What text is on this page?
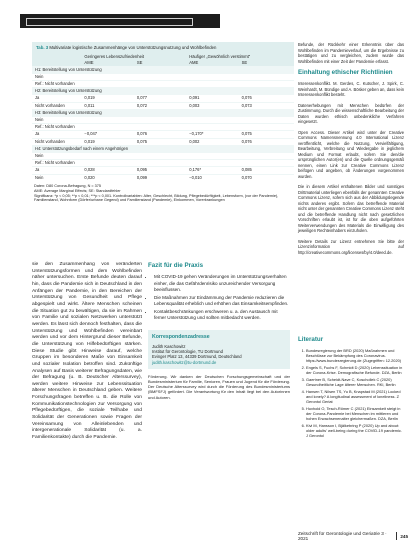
Tab. 3 Multivariate logistische Zusammenhänge von Unterstützungsnutzung und Wohlbefinden
Geringeres Lebenszufriedenheit	Häufiger „Gewöhnlich verstimmt“
AME	SE	AME	SE
H1: Bereitstellung von Unterstützung
Nein
Ref.: Nicht vorhanden
H2: Bereitstellung von Unterstützung
Ja	0,019	0,077	0,091	0,076
Nicht vorhanden	0,011	0,072	0,003	0,073
H3: Bereitstellung von Unterstützung
Nein
Ref.: Nicht vorhanden
Ja	−0,047	0,076	−0,170*	0,075
Nicht vorhanden	0,019	0,075	0,002	0,076
H4: Unterstützungsbedarf nach einem Angehörigen
Nein
Ref.: Nicht vorhanden
Ja	0,028	0,095	0,176*	0,085
Nein	0,020	0,099	−0,010	0,070
Daten: D80 Corona-Befragung, N = 375
AME: Average Marginal Effects; SE: Standardfehler
Signifikanz: *p < 0,05; **p < 0,01; ***p < 0,001. Kontrollvariablen: Alter, Geschlecht, Bildung, Pflegebedürftigkeit, Lebensform, (vor der Pandemie), Familienstand, Wohnform (Dörfer/urbane Gegend) und Familienstand (Pandemie), Einkommen, Vorerkrankungen

Befunde, der Rückkehr einer Erkenntnis über das Wohlbefinden im Pandemieverlauf, um die Ergebnisse zu bestätigen und zu vergleichen, zudem wurde das Wohlbefinden mit einer Zeit der Pandemie erfasst.

Einhaltung ethischer Richtlinien

Interessenkonflikt. M. Gerdes, C. Kutscher, J. Spirk, C. Weinhardt, M. Bündige und A. Bösker geben an, dass kein Interessenkonflikt besteht.

Datenerhebungen mit Menschen bedürfen der Zustimmung. Durch die wissenschaftliche Bearbeitung der Daten wurden ethisch unbedenkliche Verfahren eingesetzt.

Open Access. Dieser Artikel wird unter der Creative Commons Namensnennung 4.0 International Lizenz veröffentlicht, welche die Nutzung, Vervielfältigung, Bearbeitung, Verbreitung und Wiedergabe in jeglichem Medium und Format erlaubt, sofern Sie den/die ursprünglichen Autor(en) und die Quelle ordnungsgemäß nennen, einen Link zur Creative Commons Lizenz beifügen und angeben, ob Änderungen vorgenommen wurden.

Die in diesem Artikel enthaltenen Bilder und sonstiges Drittmaterial unterliegen ebenfalls der genannten Creative Commons Lizenz, sofern sich aus der Abbildungslegende nichts anderes ergibt. Sofern das betreffende Material nicht unter der genannten Creative Commons Lizenz steht und die betreffende Handlung nicht nach gesetzlichen Vorschriften erlaubt ist, ist für die oben aufgeführten Weiterverwendungen des Materials die Einwilligung des jeweiligen Rechteinhabers einzuholen.

Weitere Details zur Lizenz entnehmen Sie bitte der Lizenzinformation auf http://creativecommons.org/licenses/by/4.0/deed.de.

sie den Zusammenhang von veränderten Unterstützungsformen und dem Wohlbefinden näher untersuchen. Erste Befunde deuten darauf hin, dass die Pandemie sich in Deutschland in den Anfängen der Pandemie, in den Bereichen der Unterstützung von Gesundheit und Pflege abgespielt und wirkt. Ältere Menschen scheinen die Situation gut zu bewältigen, da sie im Rahmen von Familie und sozialen Netzwerken unterstützt werden. Es lässt sich dennoch festhalten, dass die Unterstützung und Wohlbefinden vereinbart werden und vor dem Hintergrund dieser Befunde, die Unterstützung von Hilfebedürftigen stärken. Diese Studie gibt Hinweise darauf, welche Gruppen im besonderen Maße von Einsamkeit und sozialer Isolation betroffen sind. Zukünftige Analysen auf Basis weiterer Befragungsdaten, wie der Befragung (u. B. Deutscher Alterssurvey), werden weitere Hinweise zur Lebenssituation älterer Menschen in Deutschland geben. Weitere Forschungsfragen betreffen u. B. die Rolle von Kommunikationstechnologien zur Versorgung von Pflegebedürftigen, die soziale Teilhabe und Solidarität der Generationen sowie Fragen der Vereinsamung von Alleinlebenden und intergenerationale Solidarität (u. a. Familienkontakte) durch die Pandemie.

Fazit für die Praxis
• Mit COVID-19 gehen Veränderungen im Unterstützungsverhalten einher, die das Gefährdenrisiko unzureichender Versorgung beeinflussen.
• Die Maßnahmen zur Eindämmung der Pandemie reduzieren die Lebensqualität erheblich und erhöhen das Einsamkeitsempfinden.
• Kontaktbeschränkungen erschweren u. a. den Austausch mit ferner Unterstützung und sollten mitbedacht werden.
Korrespondenzadresse

Judith Kaschowitz

Institut für Gerontologie, TU Dortmund

Evinger Platz 13, 44339 Dortmund, Deutschland

judith.kaschowitz@tu-dortmund.de

Förderung. Wir danken der Deutschen Forschungsgemeinschaft und der Bundesministerium für Familie, Senioren, Frauen und Jugend für die Förderung. Der Deutsche Alterssurvey wird durch die Förderung des Bundesministeriums (BMFSFJ) gefördert. Die Verantwortung für den Inhalt liegt bei den Autorinnen und Autoren.
Literatur
1. Bundesregierung der BRD (2020) Maßnahmen und Beschlüsse zur Bekämpfung des Coronavirus. https://www.bundesregierung.de (Zugegriffen: 12.2020)
2. Engels S, Fuchs F, Schmidt D (2020) Lebenssituation in der Corona-Krise. Demografische Befunde. DZA, Berlin
3. Gaertner B, Scheidt-Nave C, Koschollek C (2020) Gesundheitliche Lage älterer Menschen. RKI, Berlin
4. Hansen T, Nilsen TS, Yu B, Knapstad M (2021) Locked and lonely? A longitudinal assessment of loneliness. Z Gerontol Geriat
5. Huxhold O, Tesch-Römer C (2021) Einsamkeit steigt in der Corona-Pandemie bei Menschen im mittleren und hohen Erwachsenenalter gleichermaßen. DZA, Berlin
6. Kivi M, Hansson I, Bjälkebring P (2020) Up and about: older adults' well-being during the COVID-19 pandemic. J Gerontol
Zeitschrift für Gerontologie und Geriatrie 3 · 2021	245
